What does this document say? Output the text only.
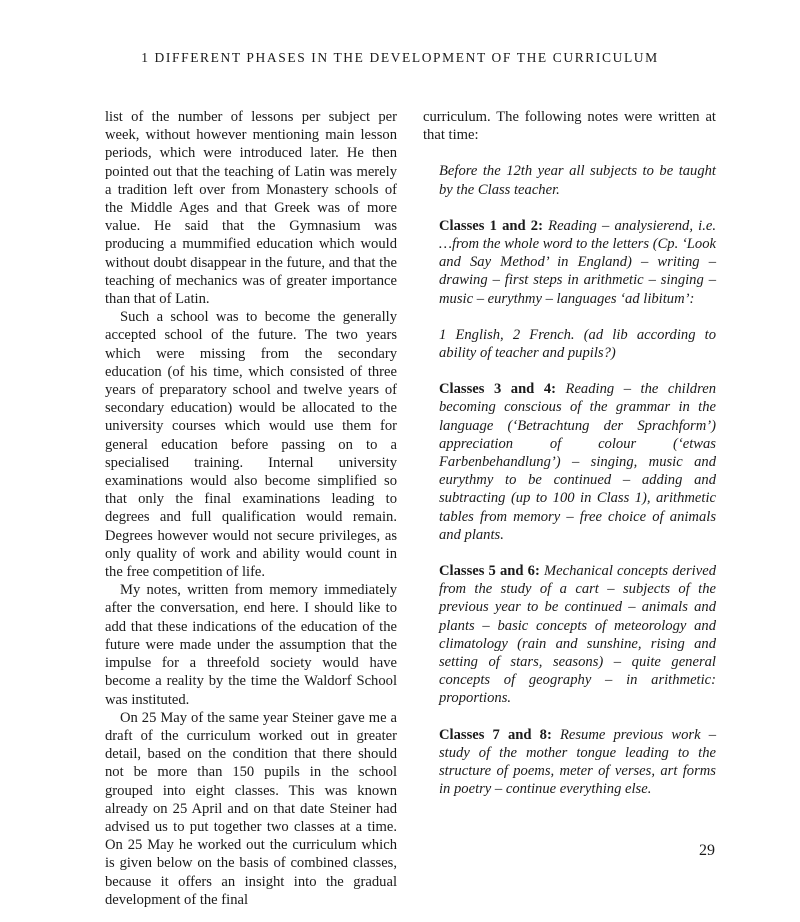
1 DIFFERENT PHASES IN THE DEVELOPMENT OF THE CURRICULUM

list of the number of lessons per subject per week, without however mentioning main lesson periods, which were introduced later. He then pointed out that the teaching of Latin was merely a tradition left over from Monastery schools of the Middle Ages and that Greek was of more value. He said that the Gymnasium was producing a mummified education which would without doubt disappear in the future, and that the teaching of mechanics was of greater importance than that of Latin.

Such a school was to become the generally accepted school of the future. The two years which were missing from the secondary education (of his time, which consisted of three years of preparatory school and twelve years of secondary education) would be allocated to the university courses which would use them for general education before passing on to a specialised training. Internal university examinations would also become simplified so that only the final examinations leading to degrees and full qualification would remain. Degrees however would not secure privileges, as only quality of work and ability would count in the free competition of life.

My notes, written from memory immediately after the conversation, end here. I should like to add that these indications of the education of the future were made under the assumption that the impulse for a threefold society would have become a reality by the time the Waldorf School was instituted.

On 25 May of the same year Steiner gave me a draft of the curriculum worked out in greater detail, based on the condition that there should not be more than 150 pupils in the school grouped into eight classes. This was known already on 25 April and on that date Steiner had advised us to put together two classes at a time. On 25 May he worked out the curriculum which is given below on the basis of combined classes, because it offers an insight into the gradual development of the final

curriculum. The following notes were written at that time:

Before the 12th year all subjects to be taught by the Class teacher.

Classes 1 and 2: Reading – analysierend, i.e. …from the whole word to the letters (Cp. ‘Look and Say Method’ in England) – writing – drawing – first steps in arithmetic – singing – music – eurythmy – languages ‘ad libitum’:

1 English, 2 French. (ad lib according to ability of teacher and pupils?)

Classes 3 and 4: Reading – the children becoming conscious of the grammar in the language (‘Betrachtung der Sprachform’) appreciation of colour (‘etwas Farbenbehandlung’) – singing, music and eurythmy to be continued – adding and subtracting (up to 100 in Class 1), arithmetic tables from memory – free choice of animals and plants.

Classes 5 and 6: Mechanical concepts derived from the study of a cart – subjects of the previous year to be continued – animals and plants – basic concepts of meteorology and climatology (rain and sunshine, rising and setting of stars, seasons) – quite general concepts of geography – in arithmetic: proportions.

Classes 7 and 8: Resume previous work – study of the mother tongue leading to the structure of poems, meter of verses, art forms in poetry – continue everything else.

29
